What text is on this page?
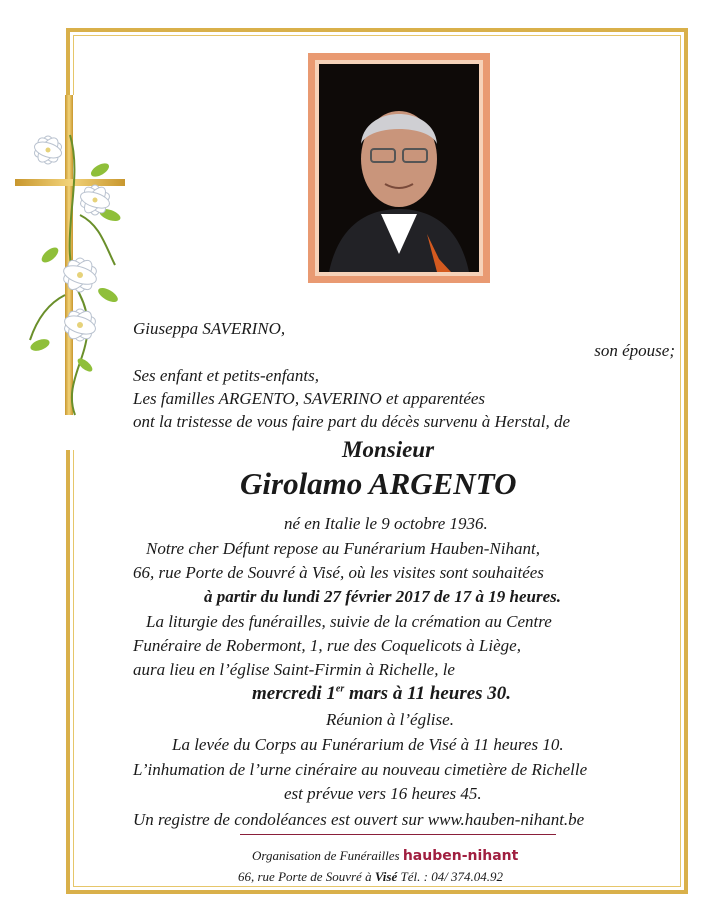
Giuseppa SAVERINO,
son épouse;
Ses enfant et petits-enfants,
Les familles ARGENTO, SAVERINO et apparentées
ont la tristesse de vous faire part du décès survenu à Herstal, de
Monsieur
Girolamo ARGENTO
né en Italie le 9 octobre 1936.
Notre cher Défunt repose au Funérarium Hauben-Nihant,
66, rue Porte de Souvré à Visé, où les visites sont souhaitées
à partir du lundi 27 février 2017 de 17 à 19 heures.
La liturgie des funérailles, suivie de la crémation au Centre
Funéraire de Robermont, 1, rue des Coquelicots à Liège,
aura lieu en l’église Saint-Firmin à Richelle, le
mercredi 1er mars à 11 heures 30.
Réunion à l’église.
La levée du Corps au Funérarium de Visé à 11 heures 10.
L’inhumation de l’urne cinéraire au nouveau cimetière de Richelle
est prévue vers 16 heures 45.
Un registre de condoléances est ouvert sur www.hauben-nihant.be
Organisation de Funérailles hauben-nihant
66, rue Porte de Souvré à Visé Tél. : 04/ 374.04.92
